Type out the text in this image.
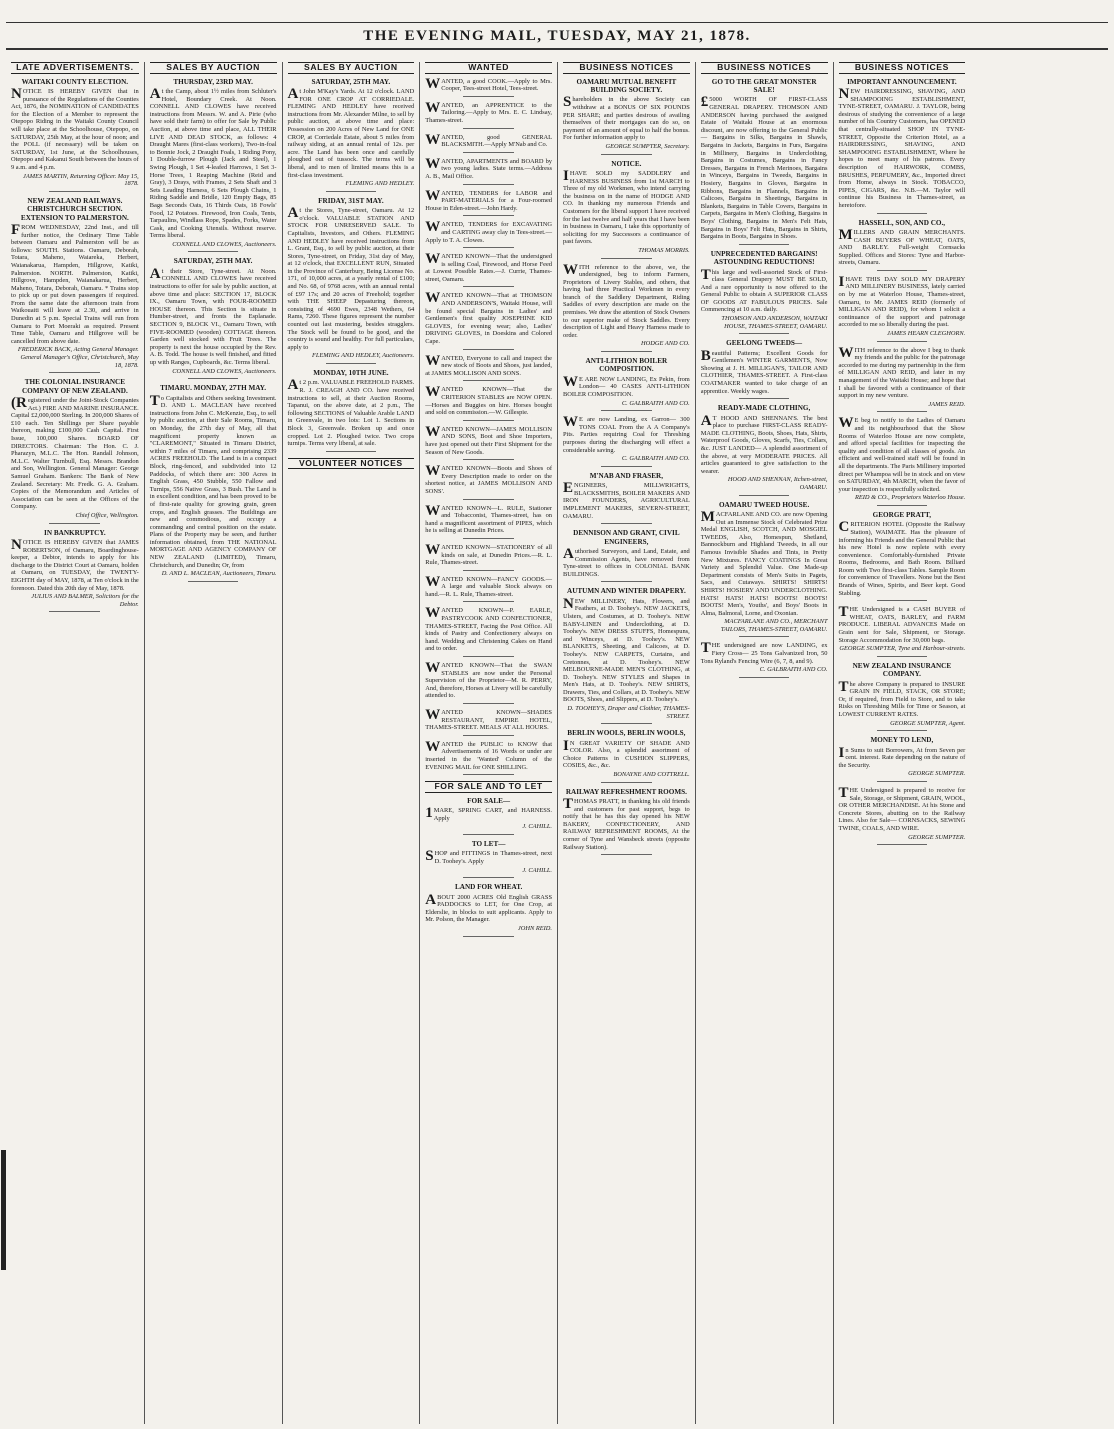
THE EVENING MAIL, TUESDAY, MAY 21, 1878.
LATE ADVERTISEMENTS.
WAITAKI COUNTY ELECTION.
NOTICE IS HEREBY GIVEN that in pursuance of the Regulations of the Counties Act, 1876, the NOMINATION of CANDIDATES for the Election of a Member to represent the Otepopo Riding in the Waitaki County Council will take place at the Schoolhouse, Otepopo, on SATURDAY, 25th May, at the hour of noon; and the POLL (if necessary) will be taken on SATURDAY, 1st June, at the Schoolhouses, Otepopo and Kakanui South between the hours of 9 a.m. and 4 p.m.
JAMES MARTIN, Returning Officer. May 15, 1878.
NEW ZEALAND RAILWAYS. CHRISTCHURCH SECTION. EXTENSION TO PALMERSTON.
FROM WEDNESDAY, 22nd Inst., and till further notice, the Ordinary Time Table between Oamaru and Palmerston will be as follows: SOUTH. Stations. Oamaru, Deborah, Totara, Maheno, Waiareka, Herbert, Waianakarua, Hampden, Hillgrove, Katiki, Palmerston. NORTH. Palmerston, Katiki, Hillgrove, Hampden, Waianakarua, Herbert, Maheno, Totara, Deborah, Oamaru. * Trains stop to pick up or put down passengers if required. From the same date the afternoon train from Waikouaiti will leave at 2.30, and arrive in Dunedin at 5 p.m. Special Trains will run from Oamaru to Port Moeraki as required. Present Time Table, Oamaru and Hillgrove will be cancelled from above date.
FREDERICK BACK, Acting General Manager. General Manager's Office, Christchurch, May 18, 1878.
THE COLONIAL INSURANCE COMPANY OF NEW ZEALAND.
(Registered under the Joint-Stock Companies Act.) FIRE AND MARINE INSURANCE. Capital £2,000,000 Sterling. In 200,000 Shares of £10 each. Ten Shillings per Share payable thereon, making £100,000 Cash Capital. First Issue, 100,000 Shares. BOARD OF DIRECTORS. Chairman: The Hon. C. J. Pharazyn, M.L.C. The Hon. Randall Johnson, M.L.C. Walter Turnbull, Esq. Messrs. Brandon and Son, Wellington. General Manager: George Samuel Graham. Bankers: The Bank of New Zealand. Secretary: Mr. Fredk. G. A. Graham. Copies of the Memorandum and Articles of Association can be seen at the Offices of the Company.
Chief Office, Wellington.
IN BANKRUPTCY.
NOTICE IS HEREBY GIVEN that JAMES ROBERTSON, of Oamaru, Boardinghouse-keeper, a Debtor, intends to apply for his discharge to the District Court at Oamaru, holden at Oamaru, on TUESDAY, the TWENTY-EIGHTH day of MAY, 1878, at Ten o'clock in the forenoon. Dated this 20th day of May, 1878.
JULIUS AND BALMER, Solicitors for the Debtor.
SALES BY AUCTION
THURSDAY, 23RD MAY.
At the Camp, about 1½ miles from Schluter's Hotel, Boundary Creek. At Noon. CONNELL AND CLOWES have received instructions from Messrs. W. and A. Pirie (who have sold their farm) to offer for Sale by Public Auction, at above time and place, ALL THEIR LIVE AND DEAD STOCK, as follows: 4 Draught Mares (first-class workers), Two-in-foal to Bonnie Jock, 2 Draught Foals, 1 Riding Pony, 1 Double-furrow Plough (Jack and Steel), 1 Swing Plough, 1 Set 4-leafed Harrows, 1 Set 3-Horse Trees, 1 Reaping Machine (Reid and Gray), 3 Drays, with Frames, 2 Sets Shaft and 3 Sets Leading Harness, 6 Sets Plough Chains, 1 Riding Saddle and Bridle, 120 Empty Bags, 85 Bags Seconds Oats, 16 Thirds Oats, 18 Fowls' Food, 12 Potatoes. Firewood, Iron Coals, Tents, Tarpaulins, Windlass Rope, Spades, Forks, Water Cask, and Cooking Utensils. Without reserve. Terms liberal.
CONNELL AND CLOWES, Auctioneers.
SATURDAY, 25TH MAY.
At their Store, Tyne-street. At Noon. CONNELL AND CLOWES have received instructions to offer for sale by public auction, at above time and place: SECTION 17, BLOCK IX., Oamaru Town, with FOUR-ROOMED HOUSE thereon. This Section is situate in Humber-street, and fronts the Esplanade. SECTION 9, BLOCK VI., Oamaru Town, with FIVE-ROOMED (wooden) COTTAGE thereon. Garden well stocked with Fruit Trees. The property is next the house occupied by the Rev. A. B. Todd. The house is well finished, and fitted up with Ranges, Cupboards, &c. Terms liberal.
CONNELL AND CLOWES, Auctioneers.
TIMARU. MONDAY, 27TH MAY.
To Capitalists and Others seeking Investment. D. AND L. MACLEAN have received instructions from John C. McKenzie, Esq., to sell by public auction, at their Sale Rooms, Timaru, on Monday, the 27th day of May, all that magnificent property known as "CLAREMONT," Situated in Timaru District, within 7 miles of Timaru, and comprising 2339 ACRES FREEHOLD. The Land is in a compact Block, ring-fenced, and subdivided into 12 Paddocks, of which there are: 300 Acres in English Grass, 450 Stubble, 550 Fallow and Turnips, 556 Native Grass, 3 Bush. The Land is in excellent condition, and has been proved to be of first-rate quality for growing grain, green crops, and English grasses. The Buildings are new and commodious, and occupy a commanding and central position on the estate. Plans of the Property may be seen, and further information obtained, from THE NATIONAL MORTGAGE AND AGENCY COMPANY OF NEW ZEALAND (LIMITED), Timaru, Christchurch, and Dunedin; Or, from
D. AND L. MACLEAN, Auctioneers, Timaru.
SALES BY AUCTION
SATURDAY, 25TH MAY.
At John M'Kay's Yards. At 12 o'clock. LAND FOR ONE CROP AT CORRIEDALE. FLEMING AND HEDLEY have received instructions from Mr. Alexander Milne, to sell by public auction, at above time and place: Possession on 200 Acres of New Land for ONE CROP, at Corriedale Estate, about 5 miles from railway siding, at an annual rental of 12s. per acre. The Land has been once and carefully ploughed out of tussock. The terms will be liberal, and to men of limited means this is a first-class investment.
FLEMING AND HEDLEY.
FRIDAY, 31ST MAY.
At the Stores, Tyne-street, Oamaru. At 12 o'clock. VALUABLE STATION AND STOCK FOR UNRESERVED SALE. To Capitalists, Investors, and Others. FLEMING AND HEDLEY have received instructions from L. Grant, Esq., to sell by public auction, at their Stores, Tyne-street, on Friday, 31st day of May, at 12 o'clock, that EXCELLENT RUN, Situated in the Province of Canterbury, Being License No. 171, of 10,000 acres, at a yearly rental of £100; and No. 68, of 9768 acres, with an annual rental of £97 17s; and 20 acres of Freehold; together with THE SHEEP Depasturing thereon, consisting of 4690 Ewes, 2348 Wethers, 64 Rams, 7260. These figures represent the number counted out last mustering, besides stragglers. The Stock will be found to be good, and the country is sound and healthy. For full particulars, apply to
FLEMING AND HEDLEY, Auctioneers.
MONDAY, 10TH JUNE.
At 2 p.m. VALUABLE FREEHOLD FARMS. R. J. CREAGH AND CO. have received instructions to sell, at their Auction Rooms, Tapanui, on the above date, at 2 p.m., The following SECTIONS of Valuable Arable LAND in Greenvale, in two lots: Lot 1. Sections in Block 3, Greenvale. Broken up and once cropped. Lot 2. Ploughed twice. Two crops turnips. Terms very liberal, at sale.
VOLUNTEER NOTICES
WANTED
WANTED, a good COOK.—Apply to Mrs. Cooper, Tees-street Hotel, Tees-street.
WANTED, an APPRENTICE to the Tailoring.—Apply to Mrs. E. C. Lindsay, Thames-street.
WANTED, good GENERAL BLACKSMITH.—Apply M'Nab and Co.
WANTED, APARTMENTS and BOARD by two young ladies. State terms.—Address A. B., Mail Office.
WANTED, TENDERS for LABOR and PART-MATERIALS for a Four-roomed House in Eden-street.—John Hardy.
WANTED, TENDERS for EXCAVATING and CARTING away clay in Tees-street.—Apply to T. A. Clowes.
WANTED KNOWN—That the undersigned is selling Coal, Firewood, and Horse Feed at Lowest Possible Rates.—J. Currie, Thames-street, Oamaru.
WANTED KNOWN—That at THOMSON AND ANDERSON'S, Waitaki House, will be found special Bargains in Ladies' and Gentlemen's first quality JOSEPHINE KID GLOVES, for evening wear; also, Ladies' DRIVING GLOVES, in Doeskins and Colored Cape.
WANTED, Everyone to call and inspect the new stock of Boots and Shoes, just landed, at JAMES MOLLISON AND SONS.
WANTED KNOWN—That the CRITERION STABLES are NOW OPEN.—Horses and Buggies on hire. Horses bought and sold on commission.—W. Gillespie.
WANTED KNOWN—JAMES MOLLISON AND SONS, Boot and Shoe Importers, have just opened out their First Shipment for the Season of New Goods.
WANTED KNOWN—Boots and Shoes of Every Description made to order on the shortest notice, at JAMES MOLLISON AND SONS'.
WANTED KNOWN—L. RULE, Stationer and Tobacconist, Thames-street, has on hand a magnificent assortment of PIPES, which he is selling at Dunedin Prices.
WANTED KNOWN—STATIONERY of all kinds on sale, at Dunedin Prices.—R. L. Rule, Thames-street.
WANTED KNOWN—FANCY GOODS.—A large and valuable Stock always on hand.—R. L. Rule, Thames-street.
WANTED KNOWN—P. EARLE, PASTRYCOOK AND CONFECTIONER, THAMES-STREET, Facing the Post Office. All kinds of Pastry and Confectionery always on hand. Wedding and Christening Cakes on Hand and to order.
WANTED KNOWN—That the SWAN STABLES are now under the Personal Supervision of the Proprietor—M. R. PERRY, And, therefore, Horses at Livery will be carefully attended to.
WANTED KNOWN—SHADES RESTAURANT, EMPIRE HOTEL, THAMES-STREET. MEALS AT ALL HOURS.
WANTED the PUBLIC to KNOW that Advertisements of 16 Words or under are inserted in the 'Wanted' Column of the EVENING MAIL for ONE SHILLING.
FOR SALE AND TO LET
FOR SALE—
1MARE, SPRING CART, and HARNESS. Apply
J. CAHILL.
TO LET—
SHOP and FITTINGS in Thames-street, next D. Toohey's. Apply
J. CAHILL.
LAND FOR WHEAT.
ABOUT 2000 ACRES Old English GRASS PADDOCKS to LET, for One Crop, at Elderslie, in blocks to suit applicants. Apply to Mr. Polson, the Manager.
JOHN REID.
BUSINESS NOTICES
OAMARU MUTUAL BENEFIT BUILDING SOCIETY.
Shareholders in the above Society can withdraw at a BONUS OF SIX POUNDS PER SHARE; and parties desirous of availing themselves of their mortgages can do so, on payment of an amount of equal to half the bonus. For further information apply to
GEORGE SUMPTER, Secretary.
NOTICE.
IHAVE SOLD my SADDLERY and HARNESS BUSINESS from 1st MARCH to Three of my old Workmen, who intend carrying the business on in the name of HODGE AND CO. In thanking my numerous Friends and Customers for the liberal support I have received for the last twelve and half years that I have been in business in Oamaru, I take this opportunity of soliciting for my Successors a continuance of past favors.
THOMAS MORRIS.
WITH reference to the above, we, the undersigned, beg to inform Farmers, Proprietors of Livery Stables, and others, that having had three Practical Workmen in every branch of the Saddlery Department, Riding Saddles of every description are made on the premises. We draw the attention of Stock Owners to our superior make of Stock Saddles. Every description of Light and Heavy Harness made to order.
HODGE AND CO.
ANTI-LITHION BOILER COMPOSITION.
WE ARE NOW LANDING, Ex Pekin, from London— 40 CASES ANTI-LITHION BOILER COMPOSITION.
C. GALBRAITH AND CO.
WE are now Landing, ex Garron— 300 TONS COAL From the A A Company's Pits. Parties requiring Coal for Threshing purposes during the discharging will effect a considerable saving.
C. GALBRAITH AND CO.
M'NAB AND FRASER,
ENGINEERS, MILLWRIGHTS, BLACKSMITHS, BOILER MAKERS AND IRON FOUNDERS, AGRICULTURAL IMPLEMENT MAKERS, SEVERN-STREET, OAMARU.
DENNISON AND GRANT, CIVIL ENGINEERS,
Authorised Surveyors, and Land, Estate, and Commission Agents, have removed from Tyne-street to offices in COLONIAL BANK BUILDINGS.
AUTUMN AND WINTER DRAPERY.
NEW MILLINERY, Hats, Flowers, and Feathers, at D. Toohey's. NEW JACKETS, Ulsters, and Costumes, at D. Toohey's. NEW BABY-LINEN and Underclothing, at D. Toohey's. NEW DRESS STUFFS, Homespuns, and Winceys, at D. Toohey's. NEW BLANKETS, Sheeting, and Calicoes, at D. Toohey's. NEW CARPETS, Curtains, and Cretonnes, at D. Toohey's. NEW MELBOURNE-MADE MEN'S CLOTHING, at D. Toohey's. NEW STYLES and Shapes in Men's Hats, at D. Toohey's. NEW SHIRTS, Drawers, Ties, and Collars, at D. Toohey's. NEW BOOTS, Shoes, and Slippers, at D. Toohey's.
D. TOOHEY'S, Draper and Clothier, THAMES-STREET.
BERLIN WOOLS, BERLIN WOOLS,
IN GREAT VARIETY OF SHADE AND COLOR. Also, a splendid assortment of Choice Patterns in CUSHION SLIPPERS, COSIES, &c., &c.
BONAYNE AND COTTRELL.
RAILWAY REFRESHMENT ROOMS.
THOMAS PRATT, in thanking his old friends and customers for past support, begs to notify that he has this day opened his NEW BAKERY, CONFECTIONERY, AND RAILWAY REFRESHMENT ROOMS, At the corner of Tyne and Wansbeck streets (opposite Railway Station).
BUSINESS NOTICES
GO TO THE GREAT MONSTER SALE!
£5000 WORTH OF FIRST-CLASS GENERAL DRAPERY. THOMSON AND ANDERSON having purchased the assigned Estate of Waitaki House at an enormous discount, are now offering to the General Public— Bargains in Silks, Bargains in Shawls, Bargains in Jackets, Bargains in Furs, Bargains in Millinery, Bargains in Underclothing, Bargains in Costumes, Bargains in Fancy Dresses, Bargains in French Merinoes, Bargains in Winceys, Bargains in Tweeds, Bargains in Hosiery, Bargains in Gloves, Bargains in Ribbons, Bargains in Flannels, Bargains in Calicoes, Bargains in Sheetings, Bargains in Blankets, Bargains in Table Covers, Bargains in Carpets, Bargains in Men's Clothing, Bargains in Boys' Clothing, Bargains in Men's Felt Hats, Bargains in Boys' Felt Hats, Bargains in Shirts, Bargains in Boots, Bargains in Shoes.
UNPRECEDENTED BARGAINS! ASTOUNDING REDUCTIONS!
This large and well-assorted Stock of First-class General Drapery MUST BE SOLD, And a rare opportunity is now offered to the General Public to obtain A SUPERIOR CLASS OF GOODS AT FABULOUS PRICES. Sale Commencing at 10 a.m. daily.
THOMSON AND ANDERSON, WAITAKI HOUSE, THAMES-STREET, OAMARU.
GEELONG TWEEDS—
Beautiful Patterns; Excellent Goods for Gentlemen's WINTER GARMENTS, Now Showing at J. H. MILLIGAN'S, TAILOR AND CLOTHIER, THAMES-STREET. A First-class COATMAKER wanted to take charge of an apprentice. Weekly wages.
READY-MADE CLOTHING,
AT HOOD AND SHENNAN'S. The best place to purchase FIRST-CLASS READY-MADE CLOTHING, Boots, Shoes, Hats, Shirts, Waterproof Goods, Gloves, Scarfs, Ties, Collars, &c. JUST LANDED— A splendid assortment of the above, at very MODERATE PRICES. All articles guaranteed to give satisfaction to the wearer.
HOOD AND SHENNAN, Itchen-street, OAMARU.
OAMARU TWEED HOUSE.
MACFARLANE AND CO. are now Opening Out an Immense Stock of Celebrated Prize Medal ENGLISH, SCOTCH, AND MOSGIEL TWEEDS, Also, Homespun, Shetland, Bannockburn and Highland Tweeds, in all our Famous Invisible Shades and Tints, in Pretty New Mixtures. FANCY COATINGS In Great Variety and Splendid Value. One Made-up Department consists of Men's Suits in Pagets, Sacs, and Cutaways. SHIRTS! SHIRTS! SHIRTS! HOSIERY AND UNDERCLOTHING. HATS! HATS! HATS! BOOTS! BOOTS! BOOTS! Men's, Youths', and Boys' Boots in Alma, Balmoral, Lorne, and Oxonian.
MACFARLANE AND CO., MERCHANT TAILORS, THAMES-STREET, OAMARU.
THE undersigned are now LANDING, ex Fiery Cross— 25 Tons Galvanized Iron, 50 Tons Ryland's Fencing Wire (6, 7, 8, and 9).
C. GALBRAITH AND CO.
BUSINESS NOTICES
IMPORTANT ANNOUNCEMENT.
NEW HAIRDRESSING, SHAVING, AND SHAMPOOING ESTABLISHMENT, TYNE-STREET, OAMARU. J. TAYLOR, being desirous of studying the convenience of a large number of his Country Customers, has OPENED that centrally-situated SHOP IN TYNE-STREET, Opposite the Criterion Hotel, as a HAIRDRESSING, SHAVING, AND SHAMPOOING ESTABLISHMENT, Where he hopes to meet many of his patrons. Every description of HAIRWORK, COMBS, BRUSHES, PERFUMERY, &c., Imported direct from Home, always in Stock. TOBACCO, PIPES, CIGARS, &c. N.B.—M. Taylor will continue his Business in Thames-street, as heretofore.
HASSELL, SON, AND CO.,
MILLERS AND GRAIN MERCHANTS. CASH BUYERS OF WHEAT, OATS, AND BARLEY. Full-weight Cornsacks Supplied. Offices and Stores: Tyne and Harbor-streets, Oamaru.
IHAVE THIS DAY SOLD MY DRAPERY AND MILLINERY BUSINESS, lately carried on by me at Waterloo House, Thames-street, Oamaru, to Mr. JAMES REID (formerly of MILLIGAN AND REID), for whom I solicit a continuance of the support and patronage accorded to me so liberally during the past.
JAMES HEARN CLEGHORN.
WITH reference to the above I beg to thank my friends and the public for the patronage accorded to me during my partnership in the firm of MILLIGAN AND REID, and later in my management of the Waitaki House; and hope that I shall be favored with a continuance of their support in my new venture.
JAMES REID.
WE beg to notify to the Ladies of Oamaru and its neighbourhood that the Show Rooms of Waterloo House are now complete, and afford special facilities for inspecting the quality and condition of all classes of goods. An efficient and well-trained staff will be found in all the departments. The Paris Millinery imported direct per Whampoa will be in stock and on view on SATURDAY, 4th MARCH, when the favor of your inspection is respectfully solicited.
REID & CO., Proprietors Waterloo House.
GEORGE PRATT,
CRITERION HOTEL (Opposite the Railway Station), WAIMATE. Has the pleasure of informing his Friends and the General Public that his new Hotel is now replete with every convenience. Comfortably-furnished Private Rooms, Bedrooms, and Bath Room. Billiard Room with Two first-class Tables. Sample Room for convenience of Travellers. None but the Best Brands of Wines, Spirits, and Beer kept. Good Stabling.
THE Undersigned is a CASH BUYER of WHEAT, OATS, BARLEY, and FARM PRODUCE. LIBERAL ADVANCES Made on Grain sent for Sale, Shipment, or Storage. Storage Accommodation for 30,000 bags.
GEORGE SUMPTER, Tyne and Harbour-streets.
NEW ZEALAND INSURANCE COMPANY.
The above Company is prepared to INSURE GRAIN IN FIELD, STACK, OR STORE; Or, if required, from Field to Store, and to take Risks on Threshing Mills for Time or Season, at LOWEST CURRENT RATES.
GEORGE SUMPTER, Agent.
MONEY TO LEND,
In Sums to suit Borrowers, At from Seven per cent. interest. Rate depending on the nature of the Security.
GEORGE SUMPTER.
THE Undersigned is prepared to receive for Sale, Storage, or Shipment, GRAIN, WOOL, OR OTHER MERCHANDISE. At his Stone and Concrete Stores, abutting on to the Railway Lines. Also for Sale— CORNSACKS, SEWING TWINE, COALS, AND WIRE.
GEORGE SUMPTER.
